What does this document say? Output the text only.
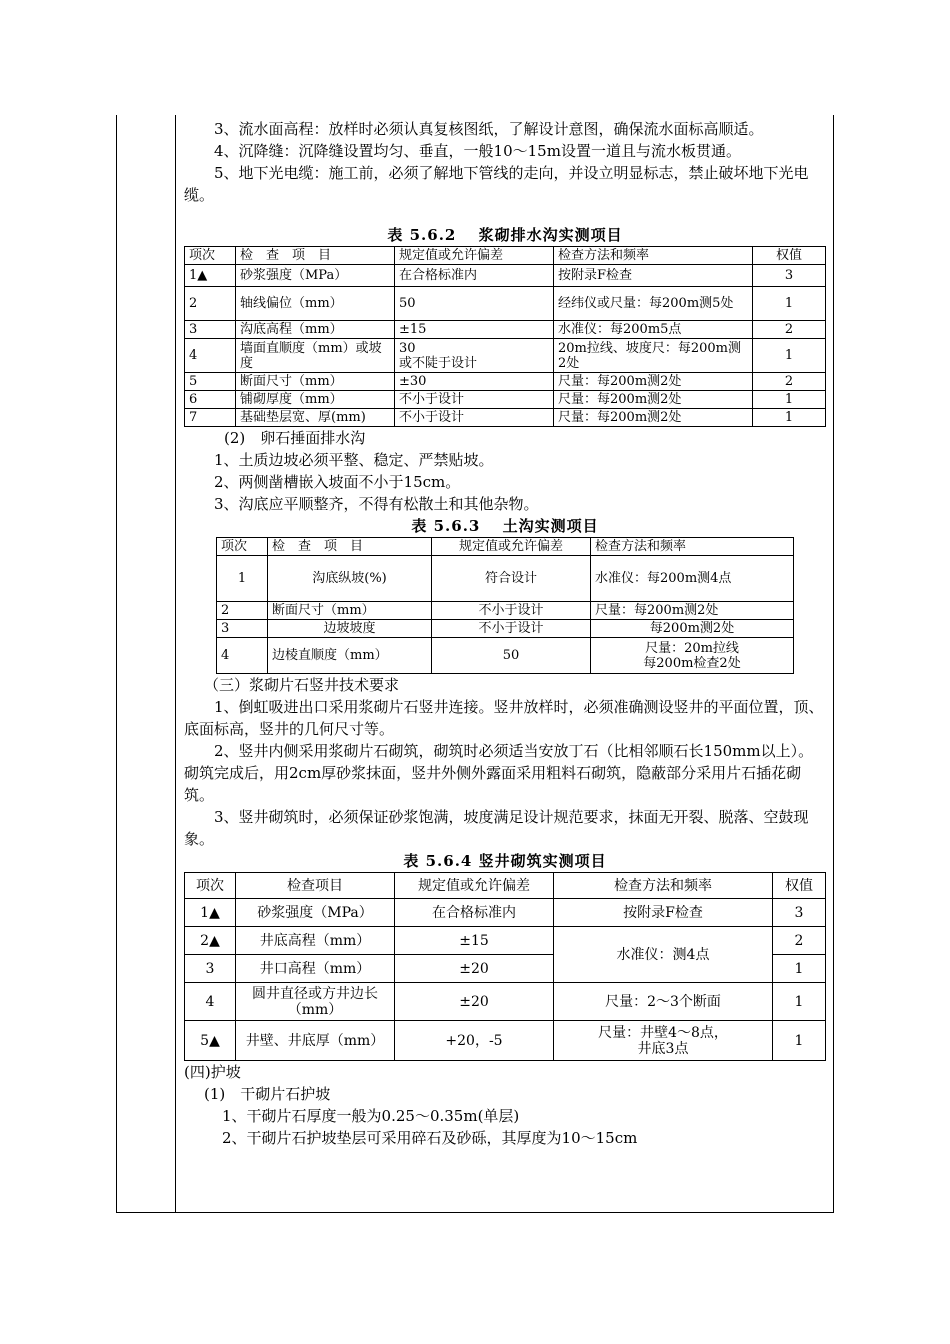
3、流水面高程：放样时必须认真复核图纸，了解设计意图，确保流水面标高顺适。

4、沉降缝：沉降缝设置均匀、垂直，一般10～15m设置一道且与流水板贯通。

5、地下光电缆：施工前，必须了解地下管线的走向，并设立明显标志，禁止破坏地下光电缆。

表 5.6.2　 浆砌排水沟实测项目

项次	检　查　项　目	规定值或允许偏差	检查方法和频率	权值
1▲	砂浆强度（MPa）	在合格标准内	按附录F检查	3
2	轴线偏位（mm）	50	经纬仪或尺量：每200m测5处	1
3	沟底高程（mm）	±15	水准仪：每200m5点	2
4	墙面直顺度（mm）或坡度	30
或不陡于设计	20m拉线、坡度尺：每200m测2处	1
5	断面尺寸（mm）	±30	尺量：每200m测2处	2
6	铺砌厚度（mm）	不小于设计	尺量：每200m测2处	1
7	基础垫层宽、厚(mm)	不小于设计	尺量：每200m测2处	1

(2)　卵石捶面排水沟

1、土质边坡必须平整、稳定、严禁贴坡。

2、两侧凿槽嵌入坡面不小于15cm。

3、沟底应平顺整齐，不得有松散土和其他杂物。

表 5.6.3　 土沟实测项目

项次	检　查　项　目	规定值或允许偏差	检查方法和频率
1	沟底纵坡(%)	符合设计	水准仪：每200m测4点
2	断面尺寸（mm）	不小于设计	尺量：每200m测2处
3	边坡坡度	不小于设计	每200m测2处
4	边棱直顺度（mm）	50	尺量：20m拉线
每200m检查2处

（三）浆砌片石竖井技术要求

1、倒虹吸进出口采用浆砌片石竖井连接。竖井放样时，必须准确测设竖井的平面位置，顶、底面标高，竖井的几何尺寸等。

2、竖井内侧采用浆砌片石砌筑，砌筑时必须适当安放丁石（比相邻顺石长150mm以上）。砌筑完成后，用2cm厚砂浆抹面，竖井外侧外露面采用粗料石砌筑，隐蔽部分采用片石插花砌筑。

3、竖井砌筑时，必须保证砂浆饱满，坡度满足设计规范要求，抹面无开裂、脱落、空鼓现象。

表 5.6.4 竖井砌筑实测项目

项次	检查项目	规定值或允许偏差	检查方法和频率	权值
1▲	砂浆强度（MPa）	在合格标准内	按附录F检查	3
2▲	井底高程（mm）	±15	水准仪：测4点	2
3	井口高程（mm）	±20		1
4	圆井直径或方井边长（mm）	±20	尺量：2～3个断面	1
5▲	井壁、井底厚（mm）	+20，-5	尺量：井壁4～8点，
井底3点	1

(四)护坡

(1)　干砌片石护坡

1、干砌片石厚度一般为0.25～0.35m(单层)

2、干砌片石护坡垫层可采用碎石及砂砾，其厚度为10～15cm
